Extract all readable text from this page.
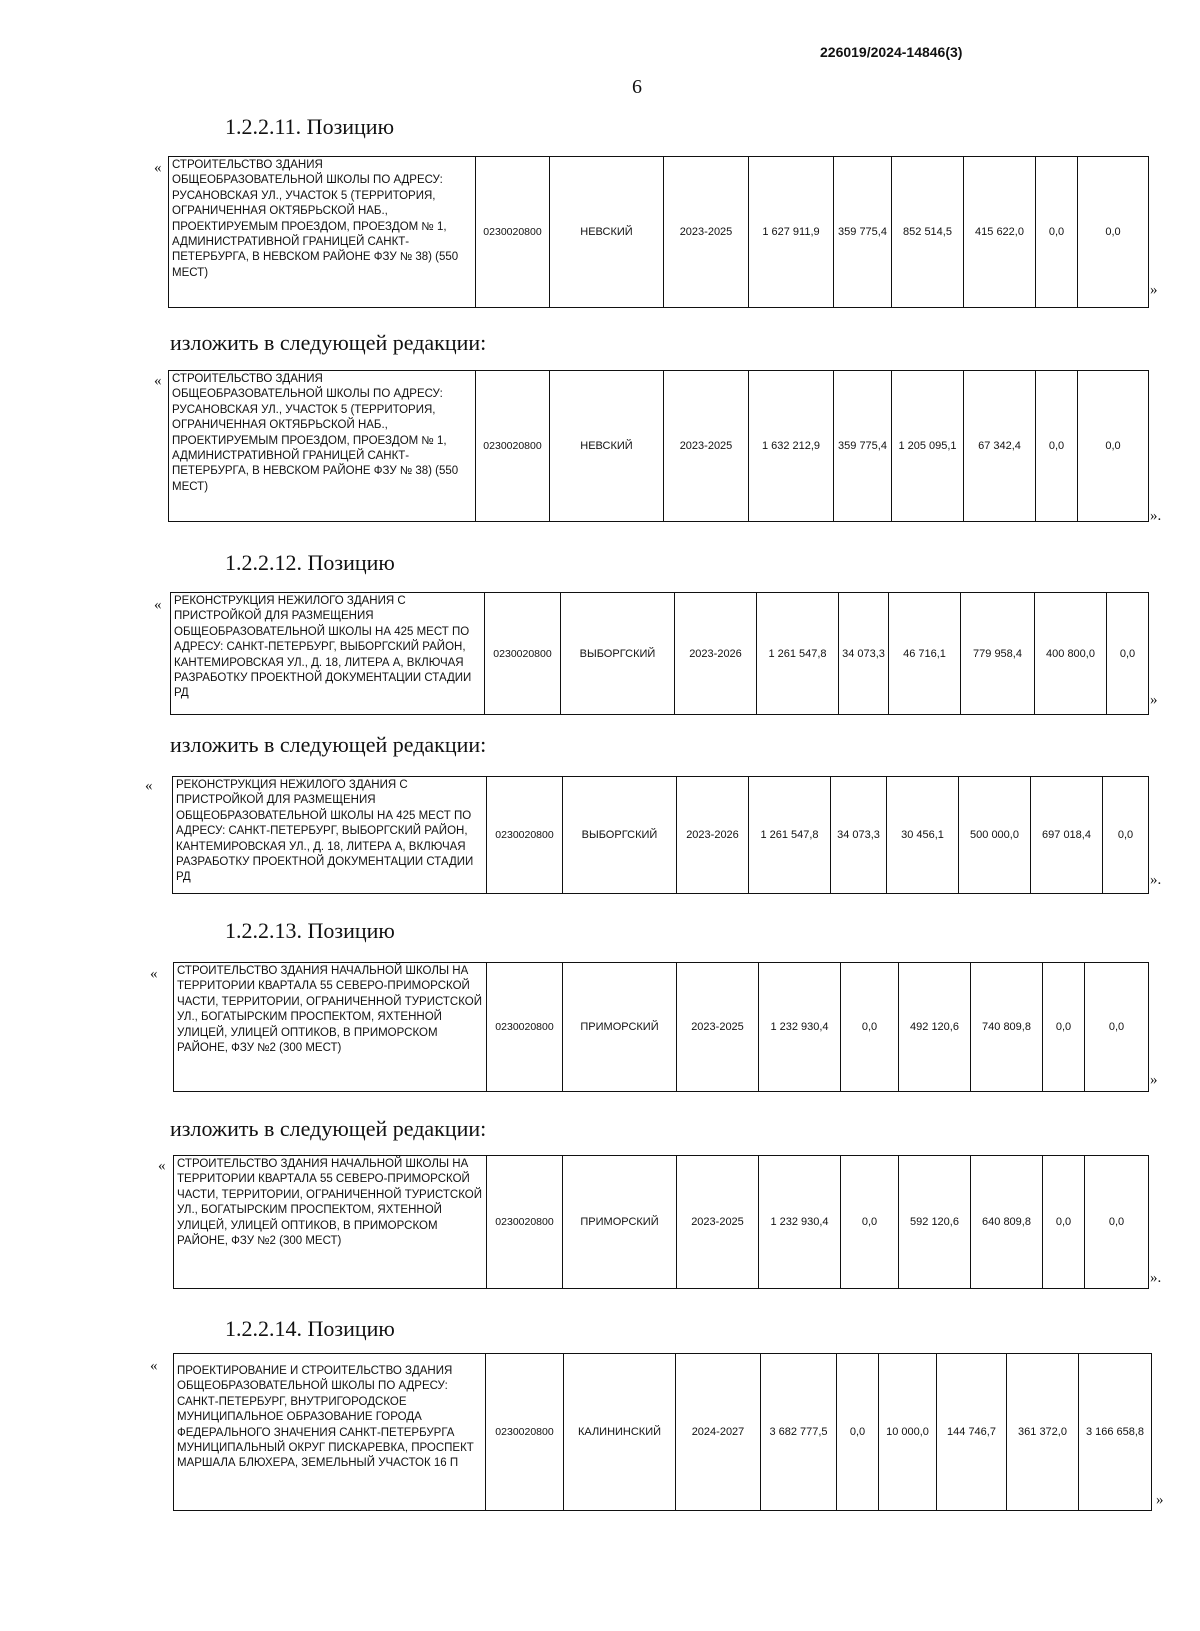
226019/2024-14846(3)
6
1.2.2.11. Позицию
« СТРОИТЕЛЬСТВО ЗДАНИЯ ОБЩЕОБРАЗОВАТЕЛЬНОЙ ШКОЛЫ ПО АДРЕСУ: РУСАНОВСКАЯ УЛ., УЧАСТОК 5 (ТЕРРИТОРИЯ, ОГРАНИЧЕННАЯ ОКТЯБРЬСКОЙ НАБ., ПРОЕКТИРУЕМЫМ ПРОЕЗДОМ, ПРОЕЗДОМ № 1, АДМИНИСТРАТИВНОЙ ГРАНИЦЕЙ САНКТ-ПЕТЕРБУРГА, В НЕВСКОМ РАЙОНЕ ФЗУ № 38) (550 МЕСТ)	0230020800	НЕВСКИЙ	2023-2025	1 627 911,9	359 775,4	852 514,5	415 622,0	0,0	0,0
»
изложить в следующей редакции:
« СТРОИТЕЛЬСТВО ЗДАНИЯ ОБЩЕОБРАЗОВАТЕЛЬНОЙ ШКОЛЫ ПО АДРЕСУ: РУСАНОВСКАЯ УЛ., УЧАСТОК 5 (ТЕРРИТОРИЯ, ОГРАНИЧЕННАЯ ОКТЯБРЬСКОЙ НАБ., ПРОЕКТИРУЕМЫМ ПРОЕЗДОМ, ПРОЕЗДОМ № 1, АДМИНИСТРАТИВНОЙ ГРАНИЦЕЙ САНКТ-ПЕТЕРБУРГА, В НЕВСКОМ РАЙОНЕ ФЗУ № 38) (550 МЕСТ)	0230020800	НЕВСКИЙ	2023-2025	1 632 212,9	359 775,4	1 205 095,1	67 342,4	0,0	0,0
».
1.2.2.12. Позицию
« РЕКОНСТРУКЦИЯ НЕЖИЛОГО ЗДАНИЯ С ПРИСТРОЙКОЙ ДЛЯ РАЗМЕЩЕНИЯ ОБЩЕОБРАЗОВАТЕЛЬНОЙ ШКОЛЫ НА 425 МЕСТ ПО АДРЕСУ: САНКТ-ПЕТЕРБУРГ, ВЫБОРГСКИЙ РАЙОН, КАНТЕМИРОВСКАЯ УЛ., Д. 18, ЛИТЕРА А, ВКЛЮЧАЯ РАЗРАБОТКУ ПРОЕКТНОЙ ДОКУМЕНТАЦИИ СТАДИИ РД	0230020800	ВЫБОРГСКИЙ	2023-2026	1 261 547,8	34 073,3	46 716,1	779 958,4	400 800,0	0,0
»
изложить в следующей редакции:
« РЕКОНСТРУКЦИЯ НЕЖИЛОГО ЗДАНИЯ С ПРИСТРОЙКОЙ ДЛЯ РАЗМЕЩЕНИЯ ОБЩЕОБРАЗОВАТЕЛЬНОЙ ШКОЛЫ НА 425 МЕСТ ПО АДРЕСУ: САНКТ-ПЕТЕРБУРГ, ВЫБОРГСКИЙ РАЙОН, КАНТЕМИРОВСКАЯ УЛ., Д. 18, ЛИТЕРА А, ВКЛЮЧАЯ РАЗРАБОТКУ ПРОЕКТНОЙ ДОКУМЕНТАЦИИ СТАДИИ РД	0230020800	ВЫБОРГСКИЙ	2023-2026	1 261 547,8	34 073,3	30 456,1	500 000,0	697 018,4	0,0
».
1.2.2.13. Позицию
« СТРОИТЕЛЬСТВО ЗДАНИЯ НАЧАЛЬНОЙ ШКОЛЫ НА ТЕРРИТОРИИ КВАРТАЛА 55 СЕВЕРО-ПРИМОРСКОЙ ЧАСТИ, ТЕРРИТОРИИ, ОГРАНИЧЕННОЙ ТУРИСТСКОЙ УЛ., БОГАТЫРСКИМ ПРОСПЕКТОМ, ЯХТЕННОЙ УЛИЦЕЙ, УЛИЦЕЙ ОПТИКОВ, В ПРИМОРСКОМ РАЙОНЕ, ФЗУ №2 (300 МЕСТ)	0230020800	ПРИМОРСКИЙ	2023-2025	1 232 930,4	0,0	492 120,6	740 809,8	0,0	0,0
»
изложить в следующей редакции:
« СТРОИТЕЛЬСТВО ЗДАНИЯ НАЧАЛЬНОЙ ШКОЛЫ НА ТЕРРИТОРИИ КВАРТАЛА 55 СЕВЕРО-ПРИМОРСКОЙ ЧАСТИ, ТЕРРИТОРИИ, ОГРАНИЧЕННОЙ ТУРИСТСКОЙ УЛ., БОГАТЫРСКИМ ПРОСПЕКТОМ, ЯХТЕННОЙ УЛИЦЕЙ, УЛИЦЕЙ ОПТИКОВ, В ПРИМОРСКОМ РАЙОНЕ, ФЗУ №2 (300 МЕСТ)	0230020800	ПРИМОРСКИЙ	2023-2025	1 232 930,4	0,0	592 120,6	640 809,8	0,0	0,0
».
1.2.2.14. Позицию
« ПРОЕКТИРОВАНИЕ И СТРОИТЕЛЬСТВО ЗДАНИЯ ОБЩЕОБРАЗОВАТЕЛЬНОЙ ШКОЛЫ ПО АДРЕСУ: САНКТ-ПЕТЕРБУРГ, ВНУТРИГОРОДСКОЕ МУНИЦИПАЛЬНОЕ ОБРАЗОВАНИЕ ГОРОДА ФЕДЕРАЛЬНОГО ЗНАЧЕНИЯ САНКТ-ПЕТЕРБУРГА МУНИЦИПАЛЬНЫЙ ОКРУГ ПИСКАРЕВКА, ПРОСПЕКТ МАРШАЛА БЛЮХЕРА, ЗЕМЕЛЬНЫЙ УЧАСТОК 16 П	0230020800	КАЛИНИНСКИЙ	2024-2027	3 682 777,5	0,0	10 000,0	144 746,7	361 372,0	3 166 658,8
»
